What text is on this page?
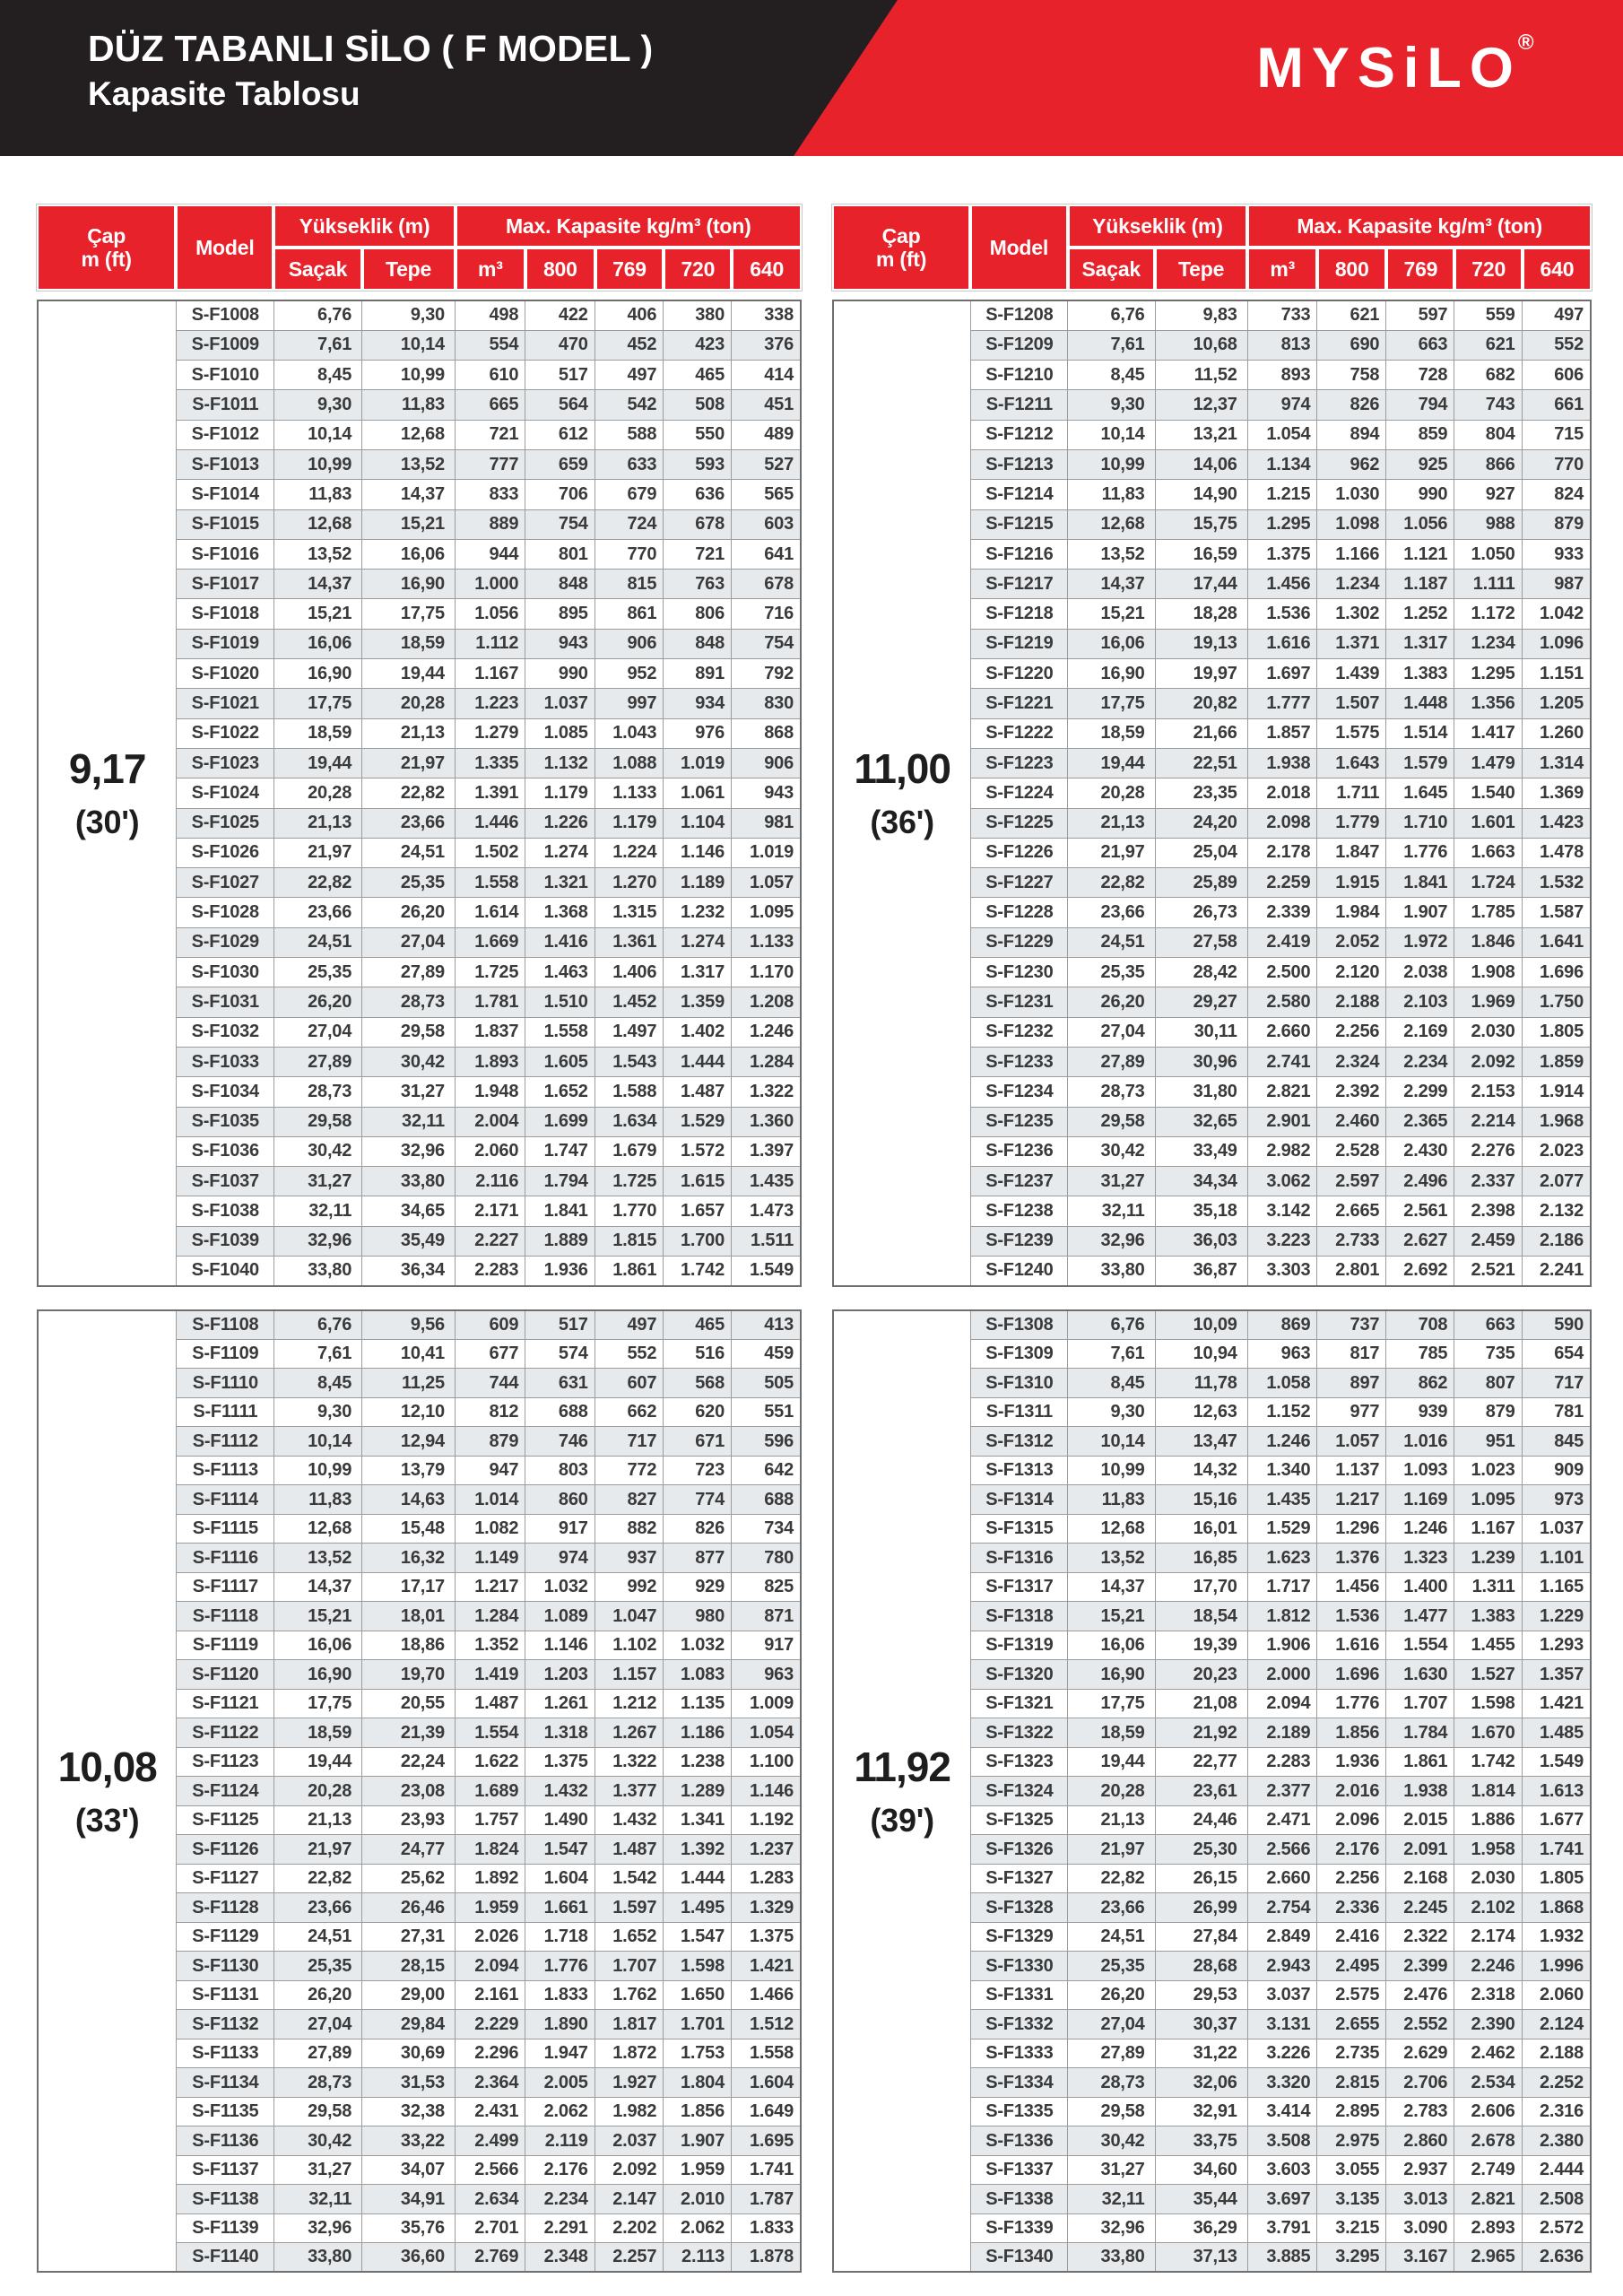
DÜZ TABANLI SİLO ( F MODEL )
Kapasite Tablosu	MYSiLO®
Çap
m (ft)	Model	Yükseklik (m)		Max. Kapasite kg/m³ (ton)				
		Saçak	Tepe	m³	800	769	720	640
9,17
(30')	S-F1008	6,76	9,30	498	422	406	380	338
	S-F1009	7,61	10,14	554	470	452	423	376
	S-F1010	8,45	10,99	610	517	497	465	414
	S-F1011	9,30	11,83	665	564	542	508	451
	S-F1012	10,14	12,68	721	612	588	550	489
	S-F1013	10,99	13,52	777	659	633	593	527
	S-F1014	11,83	14,37	833	706	679	636	565
	S-F1015	12,68	15,21	889	754	724	678	603
	S-F1016	13,52	16,06	944	801	770	721	641
	S-F1017	14,37	16,90	1.000	848	815	763	678
	S-F1018	15,21	17,75	1.056	895	861	806	716
	S-F1019	16,06	18,59	1.112	943	906	848	754
	S-F1020	16,90	19,44	1.167	990	952	891	792
	S-F1021	17,75	20,28	1.223	1.037	997	934	830
	S-F1022	18,59	21,13	1.279	1.085	1.043	976	868
	S-F1023	19,44	21,97	1.335	1.132	1.088	1.019	906
	S-F1024	20,28	22,82	1.391	1.179	1.133	1.061	943
	S-F1025	21,13	23,66	1.446	1.226	1.179	1.104	981
	S-F1026	21,97	24,51	1.502	1.274	1.224	1.146	1.019
	S-F1027	22,82	25,35	1.558	1.321	1.270	1.189	1.057
	S-F1028	23,66	26,20	1.614	1.368	1.315	1.232	1.095
	S-F1029	24,51	27,04	1.669	1.416	1.361	1.274	1.133
	S-F1030	25,35	27,89	1.725	1.463	1.406	1.317	1.170
	S-F1031	26,20	28,73	1.781	1.510	1.452	1.359	1.208
	S-F1032	27,04	29,58	1.837	1.558	1.497	1.402	1.246
	S-F1033	27,89	30,42	1.893	1.605	1.543	1.444	1.284
	S-F1034	28,73	31,27	1.948	1.652	1.588	1.487	1.322
	S-F1035	29,58	32,11	2.004	1.699	1.634	1.529	1.360
	S-F1036	30,42	32,96	2.060	1.747	1.679	1.572	1.397
	S-F1037	31,27	33,80	2.116	1.794	1.725	1.615	1.435
	S-F1038	32,11	34,65	2.171	1.841	1.770	1.657	1.473
	S-F1039	32,96	35,49	2.227	1.889	1.815	1.700	1.511
	S-F1040	33,80	36,34	2.283	1.936	1.861	1.742	1.549
10,08
(33')	S-F1108	6,76	9,56	609	517	497	465	413
	S-F1109	7,61	10,41	677	574	552	516	459
	S-F1110	8,45	11,25	744	631	607	568	505
	S-F1111	9,30	12,10	812	688	662	620	551
	S-F1112	10,14	12,94	879	746	717	671	596
	S-F1113	10,99	13,79	947	803	772	723	642
	S-F1114	11,83	14,63	1.014	860	827	774	688
	S-F1115	12,68	15,48	1.082	917	882	826	734
	S-F1116	13,52	16,32	1.149	974	937	877	780
	S-F1117	14,37	17,17	1.217	1.032	992	929	825
	S-F1118	15,21	18,01	1.284	1.089	1.047	980	871
	S-F1119	16,06	18,86	1.352	1.146	1.102	1.032	917
	S-F1120	16,90	19,70	1.419	1.203	1.157	1.083	963
	S-F1121	17,75	20,55	1.487	1.261	1.212	1.135	1.009
	S-F1122	18,59	21,39	1.554	1.318	1.267	1.186	1.054
	S-F1123	19,44	22,24	1.622	1.375	1.322	1.238	1.100
	S-F1124	20,28	23,08	1.689	1.432	1.377	1.289	1.146
	S-F1125	21,13	23,93	1.757	1.490	1.432	1.341	1.192
	S-F1126	21,97	24,77	1.824	1.547	1.487	1.392	1.237
	S-F1127	22,82	25,62	1.892	1.604	1.542	1.444	1.283
	S-F1128	23,66	26,46	1.959	1.661	1.597	1.495	1.329
	S-F1129	24,51	27,31	2.026	1.718	1.652	1.547	1.375
	S-F1130	25,35	28,15	2.094	1.776	1.707	1.598	1.421
	S-F1131	26,20	29,00	2.161	1.833	1.762	1.650	1.466
	S-F1132	27,04	29,84	2.229	1.890	1.817	1.701	1.512
	S-F1133	27,89	30,69	2.296	1.947	1.872	1.753	1.558
	S-F1134	28,73	31,53	2.364	2.005	1.927	1.804	1.604
	S-F1135	29,58	32,38	2.431	2.062	1.982	1.856	1.649
	S-F1136	30,42	33,22	2.499	2.119	2.037	1.907	1.695
	S-F1137	31,27	34,07	2.566	2.176	2.092	1.959	1.741
	S-F1138	32,11	34,91	2.634	2.234	2.147	2.010	1.787
	S-F1139	32,96	35,76	2.701	2.291	2.202	2.062	1.833
	S-F1140	33,80	36,60	2.769	2.348	2.257	2.113	1.878
Çap
m (ft)	Model	Yükseklik (m)		Max. Kapasite kg/m³ (ton)				
		Saçak	Tepe	m³	800	769	720	640
11,00
(36')	S-F1208	6,76	9,83	733	621	597	559	497
	S-F1209	7,61	10,68	813	690	663	621	552
	S-F1210	8,45	11,52	893	758	728	682	606
	S-F1211	9,30	12,37	974	826	794	743	661
	S-F1212	10,14	13,21	1.054	894	859	804	715
	S-F1213	10,99	14,06	1.134	962	925	866	770
	S-F1214	11,83	14,90	1.215	1.030	990	927	824
	S-F1215	12,68	15,75	1.295	1.098	1.056	988	879
	S-F1216	13,52	16,59	1.375	1.166	1.121	1.050	933
	S-F1217	14,37	17,44	1.456	1.234	1.187	1.111	987
	S-F1218	15,21	18,28	1.536	1.302	1.252	1.172	1.042
	S-F1219	16,06	19,13	1.616	1.371	1.317	1.234	1.096
	S-F1220	16,90	19,97	1.697	1.439	1.383	1.295	1.151
	S-F1221	17,75	20,82	1.777	1.507	1.448	1.356	1.205
	S-F1222	18,59	21,66	1.857	1.575	1.514	1.417	1.260
	S-F1223	19,44	22,51	1.938	1.643	1.579	1.479	1.314
	S-F1224	20,28	23,35	2.018	1.711	1.645	1.540	1.369
	S-F1225	21,13	24,20	2.098	1.779	1.710	1.601	1.423
	S-F1226	21,97	25,04	2.178	1.847	1.776	1.663	1.478
	S-F1227	22,82	25,89	2.259	1.915	1.841	1.724	1.532
	S-F1228	23,66	26,73	2.339	1.984	1.907	1.785	1.587
	S-F1229	24,51	27,58	2.419	2.052	1.972	1.846	1.641
	S-F1230	25,35	28,42	2.500	2.120	2.038	1.908	1.696
	S-F1231	26,20	29,27	2.580	2.188	2.103	1.969	1.750
	S-F1232	27,04	30,11	2.660	2.256	2.169	2.030	1.805
	S-F1233	27,89	30,96	2.741	2.324	2.234	2.092	1.859
	S-F1234	28,73	31,80	2.821	2.392	2.299	2.153	1.914
	S-F1235	29,58	32,65	2.901	2.460	2.365	2.214	1.968
	S-F1236	30,42	33,49	2.982	2.528	2.430	2.276	2.023
	S-F1237	31,27	34,34	3.062	2.597	2.496	2.337	2.077
	S-F1238	32,11	35,18	3.142	2.665	2.561	2.398	2.132
	S-F1239	32,96	36,03	3.223	2.733	2.627	2.459	2.186
	S-F1240	33,80	36,87	3.303	2.801	2.692	2.521	2.241
11,92
(39')	S-F1308	6,76	10,09	869	737	708	663	590
	S-F1309	7,61	10,94	963	817	785	735	654
	S-F1310	8,45	11,78	1.058	897	862	807	717
	S-F1311	9,30	12,63	1.152	977	939	879	781
	S-F1312	10,14	13,47	1.246	1.057	1.016	951	845
	S-F1313	10,99	14,32	1.340	1.137	1.093	1.023	909
	S-F1314	11,83	15,16	1.435	1.217	1.169	1.095	973
	S-F1315	12,68	16,01	1.529	1.296	1.246	1.167	1.037
	S-F1316	13,52	16,85	1.623	1.376	1.323	1.239	1.101
	S-F1317	14,37	17,70	1.717	1.456	1.400	1.311	1.165
	S-F1318	15,21	18,54	1.812	1.536	1.477	1.383	1.229
	S-F1319	16,06	19,39	1.906	1.616	1.554	1.455	1.293
	S-F1320	16,90	20,23	2.000	1.696	1.630	1.527	1.357
	S-F1321	17,75	21,08	2.094	1.776	1.707	1.598	1.421
	S-F1322	18,59	21,92	2.189	1.856	1.784	1.670	1.485
	S-F1323	19,44	22,77	2.283	1.936	1.861	1.742	1.549
	S-F1324	20,28	23,61	2.377	2.016	1.938	1.814	1.613
	S-F1325	21,13	24,46	2.471	2.096	2.015	1.886	1.677
	S-F1326	21,97	25,30	2.566	2.176	2.091	1.958	1.741
	S-F1327	22,82	26,15	2.660	2.256	2.168	2.030	1.805
	S-F1328	23,66	26,99	2.754	2.336	2.245	2.102	1.868
	S-F1329	24,51	27,84	2.849	2.416	2.322	2.174	1.932
	S-F1330	25,35	28,68	2.943	2.495	2.399	2.246	1.996
	S-F1331	26,20	29,53	3.037	2.575	2.476	2.318	2.060
	S-F1332	27,04	30,37	3.131	2.655	2.552	2.390	2.124
	S-F1333	27,89	31,22	3.226	2.735	2.629	2.462	2.188
	S-F1334	28,73	32,06	3.320	2.815	2.706	2.534	2.252
	S-F1335	29,58	32,91	3.414	2.895	2.783	2.606	2.316
	S-F1336	30,42	33,75	3.508	2.975	2.860	2.678	2.380
	S-F1337	31,27	34,60	3.603	3.055	2.937	2.749	2.444
	S-F1338	32,11	35,44	3.697	3.135	3.013	2.821	2.508
	S-F1339	32,96	36,29	3.791	3.215	3.090	2.893	2.572
	S-F1340	33,80	37,13	3.885	3.295	3.167	2.965	2.636
